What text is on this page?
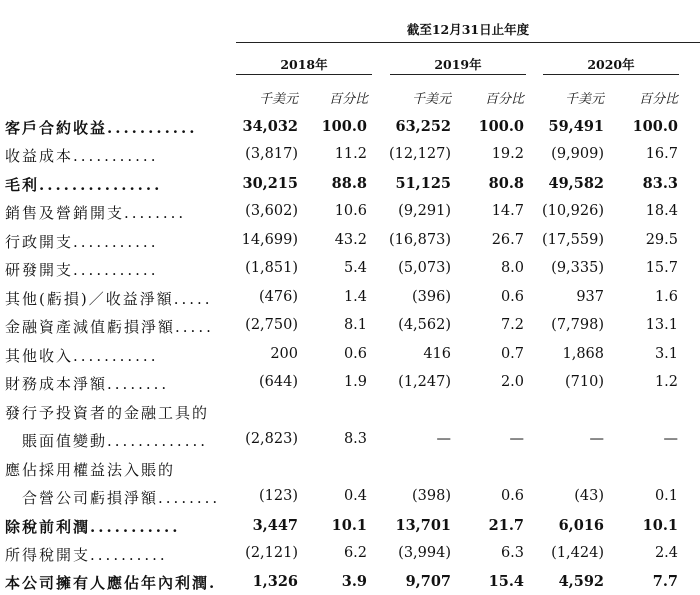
截至12月31日止年度
2018年	2019年	2020年
千美元	百分比	千美元	百分比	千美元	百分比
客戶合約收益...........	34,032 100.0 63,252 100.0 59,491 100.0
收益成本...........	(3,817)	11.2 (12,127)	19.2 (9,909)	16.7
毛利...............	30,215 88.8 51,125	80.8 49,582	83.3
銷售及營銷開支........	(3,602)	10.6 (9,291)	14.7 (10,926)	18.4
行政開支...........	14,699)	43.2 (16,873)	26.7 (17,559)	29.5
研發開支...........	(1,851)	5.4 (5,073)	8.0 (9,335)	15.7
其他(虧損)／收益淨額.....	(476)	1.4	(396)	0.6	937	1.6
金融資產減值虧損淨額..... (2,750)	8.1 (4,562)	7.2 (7,798)	13.1
其他收入...........	200	0.6	416	0.7	1,868	3.1
財務成本淨額........	(644)	1.9 (1,247)	2.0	(710)	1.2
發行予投資者的金融工具的
賬面值變動.............	(2,823)	8.3	—	—	—	—
應佔採用權益法入賬的
合營公司虧損淨額........	(123)	0.4	(398)	0.6	(43)	0.1
除稅前利潤...........	3,447 10.1 13,701	21.7 6,016	10.1
所得稅開支..........	(2,121)	6.2 (3,994)	6.3 (1,424)	2.4
本公司擁有人應佔年內利潤. 1,326	3.9	9,707	15.4 4,592	7.7
